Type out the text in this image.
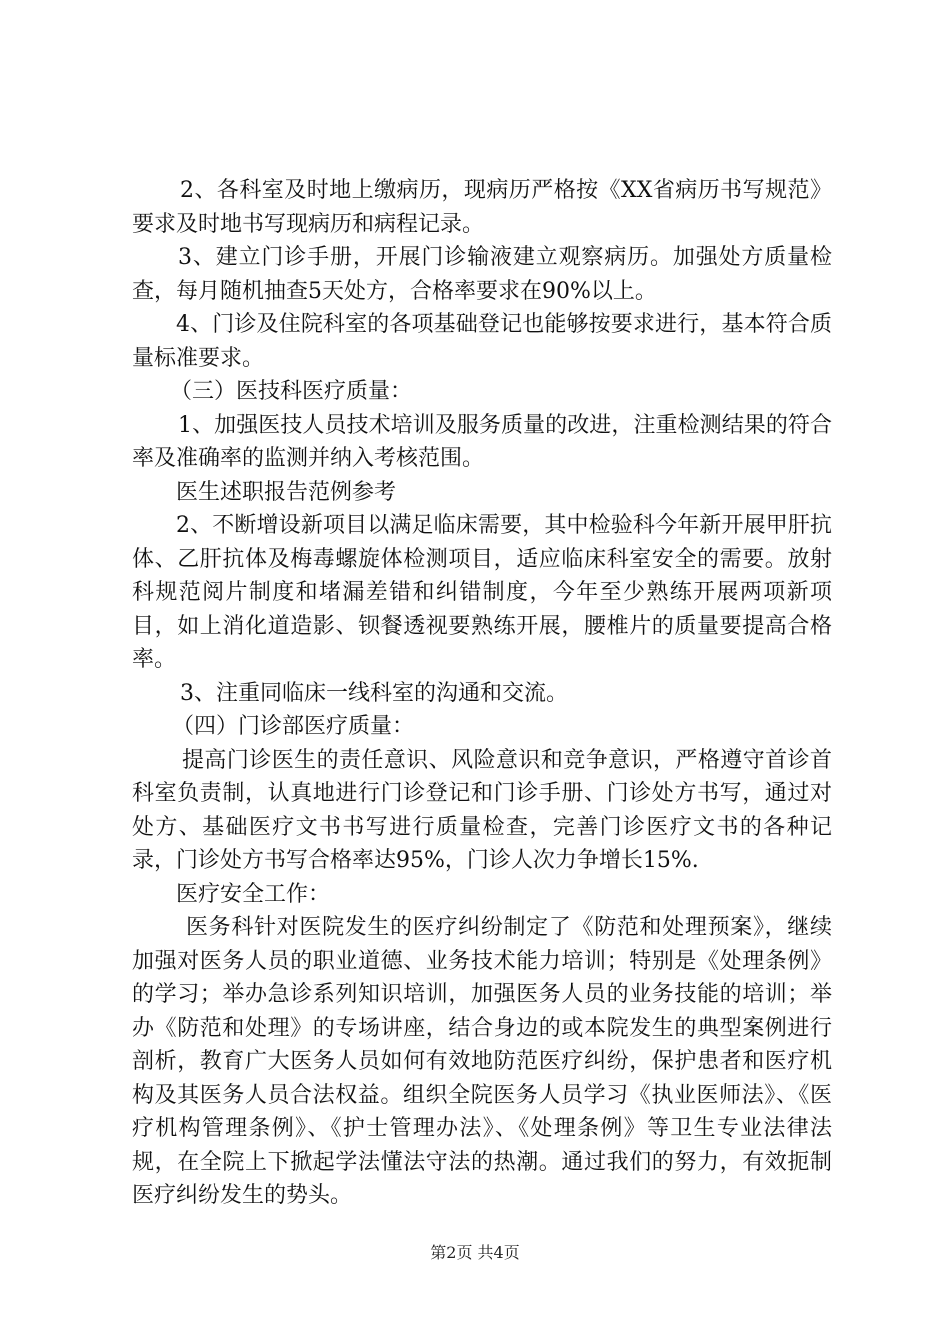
2、各科室及时地上缴病历，现病历严格按《XX省病历书写规范》要求及时地书写现病历和病程记录。

3、建立门诊手册，开展门诊输液建立观察病历。加强处方质量检查，每月随机抽查5天处方，合格率要求在90%以上。

4、门诊及住院科室的各项基础登记也能够按要求进行，基本符合质量标准要求。

（三）医技科医疗质量：

1、加强医技人员技术培训及服务质量的改进，注重检测结果的符合率及准确率的监测并纳入考核范围。

医生述职报告范例参考

2、不断增设新项目以满足临床需要，其中检验科今年新开展甲肝抗体、乙肝抗体及梅毒螺旋体检测项目，适应临床科室安全的需要。放射科规范阅片制度和堵漏差错和纠错制度，今年至少熟练开展两项新项目，如上消化道造影、钡餐透视要熟练开展，腰椎片的质量要提高合格率。

3、注重同临床一线科室的沟通和交流。

（四）门诊部医疗质量：

提高门诊医生的责任意识、风险意识和竞争意识，严格遵守首诊首科室负责制，认真地进行门诊登记和门诊手册、门诊处方书写，通过对处方、基础医疗文书书写进行质量检查，完善门诊医疗文书的各种记录，门诊处方书写合格率达95%，门诊人次力争增长15%.

医疗安全工作：

医务科针对医院发生的医疗纠纷制定了《防范和处理预案》，继续加强对医务人员的职业道德、业务技术能力培训；特别是《处理条例》的学习；举办急诊系列知识培训，加强医务人员的业务技能的培训；举办《防范和处理》的专场讲座，结合身边的或本院发生的典型案例进行剖析，教育广大医务人员如何有效地防范医疗纠纷，保护患者和医疗机构及其医务人员合法权益。组织全院医务人员学习《执业医师法》、《医疗机构管理条例》、《护士管理办法》、《处理条例》等卫生专业法律法规，在全院上下掀起学法懂法守法的热潮。通过我们的努力，有效扼制医疗纠纷发生的势头。

第2页 共4页
